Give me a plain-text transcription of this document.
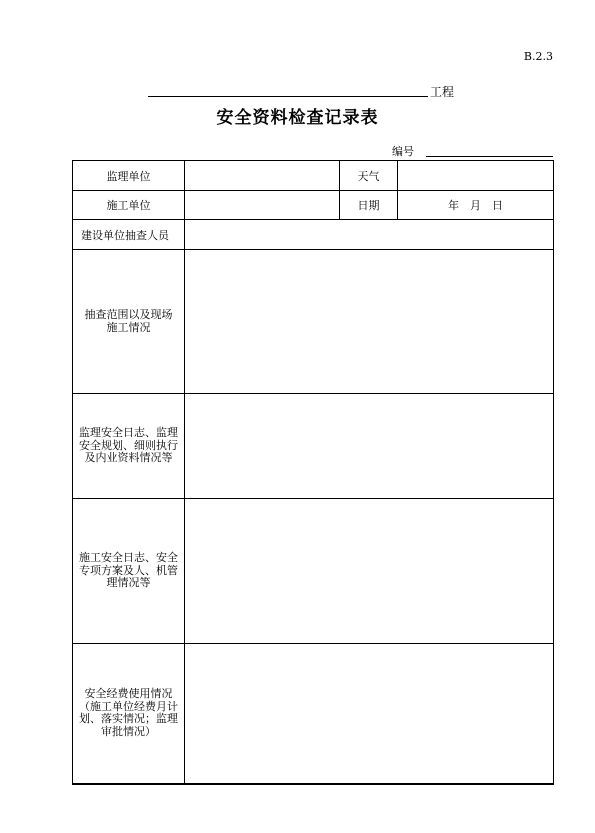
B.2.3
工程
安全资料检查记录表
编号
监理单位		天气	
施工单位		日期	年　月　日
建设单位抽查人员			

抽查范围以及现场施工情况			

监理安全日志、监理安全规划、细则执行及内业资料情况等			
施工安全日志、安全专项方案及人、机管理情况等			
安全经费使用情况（施工单位经费月计划、落实情况；监理审批情况）			
